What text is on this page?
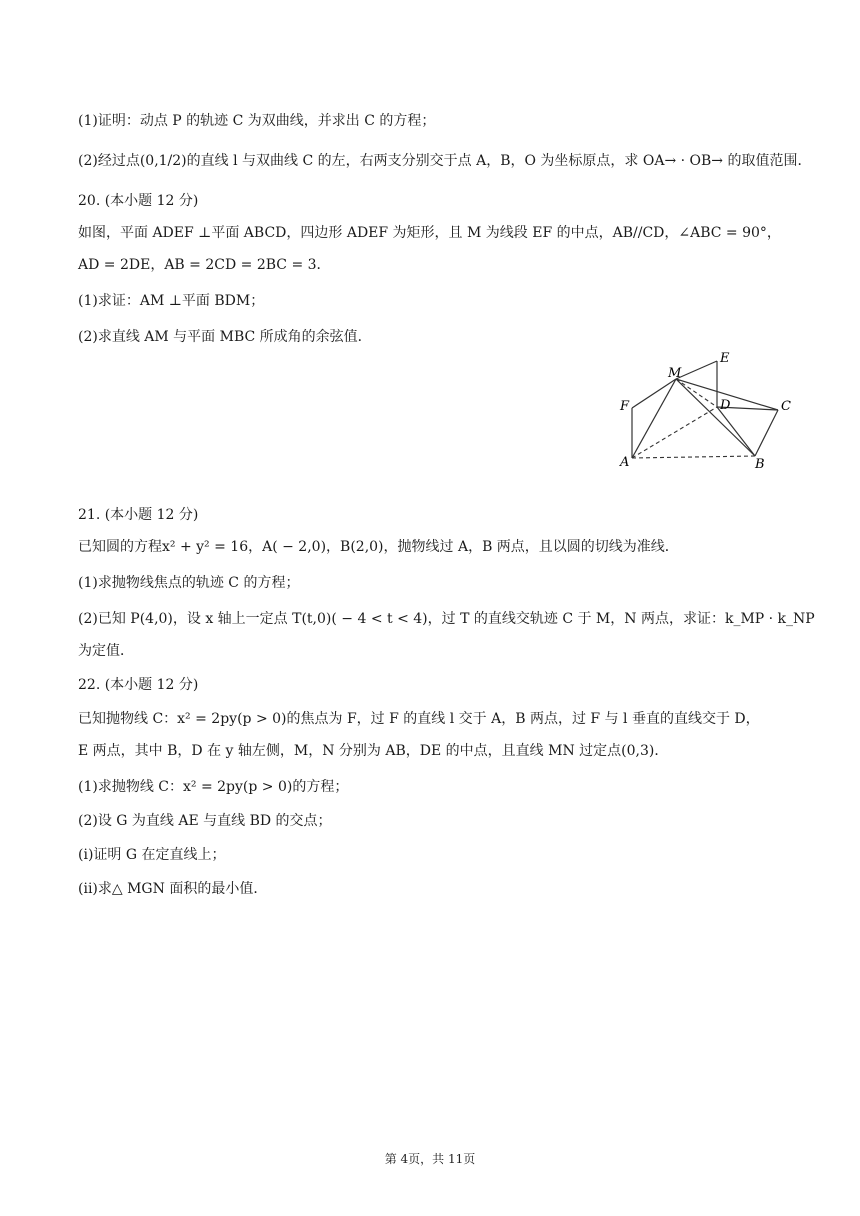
(1)证明：动点 P 的轨迹 C 为双曲线，并求出 C 的方程；
(2)经过点(0,1/2)的直线 l 与双曲线 C 的左，右两支分别交于点 A，B，O 为坐标原点，求 OA→ · OB→ 的取值范围．
20. (本小题 12 分)
如图，平面 ADEF ⊥平面 ABCD，四边形 ADEF 为矩形，且 M 为线段 EF 的中点，AB//CD，∠ABC = 90°，
AD = 2DE，AB = 2CD = 2BC = 3．
(1)求证：AM ⊥平面 BDM；
(2)求直线 AM 与平面 MBC 所成角的余弦值．
M
E
F	D	C
A	B
21. (本小题 12 分)
已知圆的方程x² + y² = 16，A( − 2,0)，B(2,0)，抛物线过 A，B 两点，且以圆的切线为准线．
(1)求抛物线焦点的轨迹 C 的方程；
(2)已知 P(4,0)，设 x 轴上一定点 T(t,0)( − 4 < t < 4)，过 T 的直线交轨迹 C 于 M，N 两点，求证：k_MP · k_NP
为定值．
22. (本小题 12 分)
已知抛物线 C：x² = 2py(p > 0)的焦点为 F，过 F 的直线 l 交于 A，B 两点，过 F 与 l 垂直的直线交于 D，
E 两点，其中 B，D 在 y 轴左侧，M，N 分别为 AB，DE 的中点，且直线 MN 过定点(0,3)．
(1)求抛物线 C：x² = 2py(p > 0)的方程；
(2)设 G 为直线 AE 与直线 BD 的交点；
(i)证明 G 在定直线上；
(ii)求△ MGN 面积的最小值．
第 4页，共 11页
